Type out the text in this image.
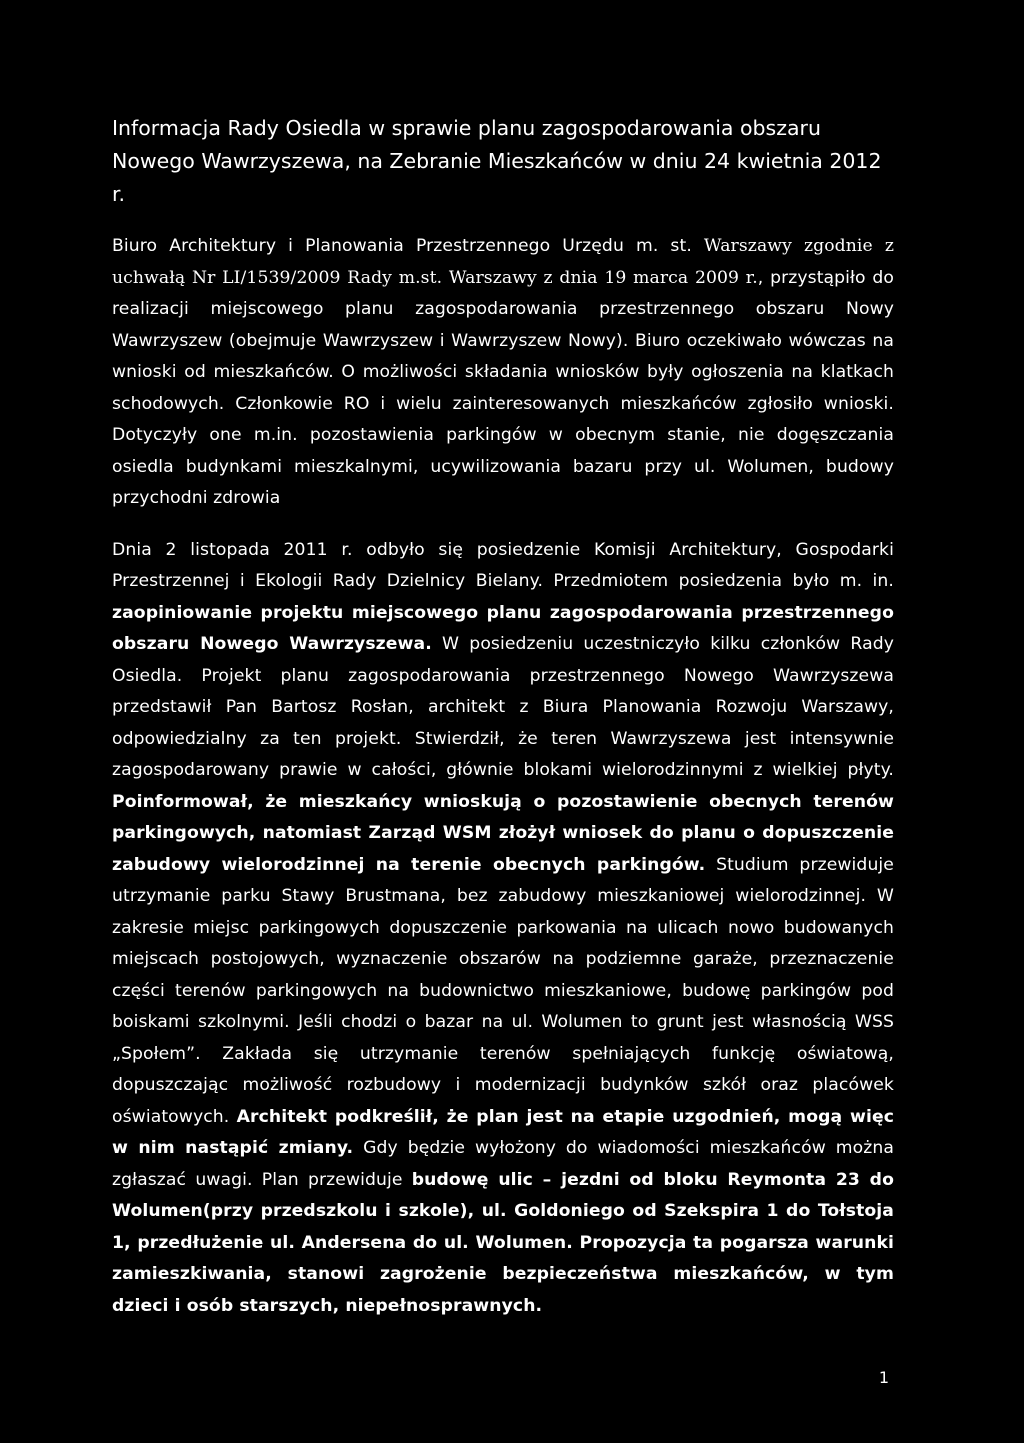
Informacja Rady Osiedla w sprawie planu zagospodarowania obszaru Nowego Wawrzyszewa, na Zebranie Mieszkańców w dniu 24 kwietnia 2012 r.

Biuro Architektury i Planowania Przestrzennego Urzędu m. st. Warszawy zgodnie z uchwałą Nr LI/1539/2009 Rady m.st. Warszawy z dnia 19 marca 2009 r., przystąpiło do realizacji miejscowego planu zagospodarowania przestrzennego obszaru Nowy Wawrzyszew (obejmuje Wawrzyszew i Wawrzyszew Nowy). Biuro oczekiwało wówczas na wnioski od mieszkańców. O możliwości składania wniosków były ogłoszenia na klatkach schodowych. Członkowie RO i wielu zainteresowanych mieszkańców zgłosiło wnioski. Dotyczyły one m.in. pozostawienia parkingów w obecnym stanie, nie dogęszczania osiedla budynkami mieszkalnymi, ucywilizowania bazaru przy ul. Wolumen, budowy przychodni zdrowia

Dnia 2 listopada 2011 r. odbyło się posiedzenie Komisji Architektury, Gospodarki Przestrzennej i Ekologii Rady Dzielnicy Bielany. Przedmiotem posiedzenia było m. in. zaopiniowanie projektu miejscowego planu zagospodarowania przestrzennego obszaru Nowego Wawrzyszewa. W posiedzeniu uczestniczyło kilku członków Rady Osiedla. Projekt planu zagospodarowania przestrzennego Nowego Wawrzyszewa przedstawił Pan Bartosz Rosłan, architekt z Biura Planowania Rozwoju Warszawy, odpowiedzialny za ten projekt. Stwierdził, że teren Wawrzyszewa jest intensywnie zagospodarowany prawie w całości, głównie blokami wielorodzinnymi z wielkiej płyty. Poinformował, że mieszkańcy wnioskują o pozostawienie obecnych terenów parkingowych, natomiast Zarząd WSM złożył wniosek do planu o dopuszczenie zabudowy wielorodzinnej na terenie obecnych parkingów. Studium przewiduje utrzymanie parku Stawy Brustmana, bez zabudowy mieszkaniowej wielorodzinnej. W zakresie miejsc parkingowych dopuszczenie parkowania na ulicach nowo budowanych miejscach postojowych, wyznaczenie obszarów na podziemne garaże, przeznaczenie części terenów parkingowych na budownictwo mieszkaniowe, budowę parkingów pod boiskami szkolnymi. Jeśli chodzi o bazar na ul. Wolumen to grunt jest własnością WSS „Społem”. Zakłada się utrzymanie terenów spełniających funkcję oświatową, dopuszczając możliwość rozbudowy i modernizacji budynków szkół oraz placówek oświatowych. Architekt podkreślił, że plan jest na etapie uzgodnień, mogą więc w nim nastąpić zmiany. Gdy będzie wyłożony do wiadomości mieszkańców można zgłaszać uwagi. Plan przewiduje budowę ulic – jezdni od bloku Reymonta 23 do Wolumen(przy przedszkolu i szkole), ul. Goldoniego od Szekspira 1 do Tołstoja 1, przedłużenie ul. Andersena do ul. Wolumen. Propozycja ta pogarsza warunki zamieszkiwania, stanowi zagrożenie bezpieczeństwa mieszkańców, w tym dzieci i osób starszych, niepełnosprawnych.

1
